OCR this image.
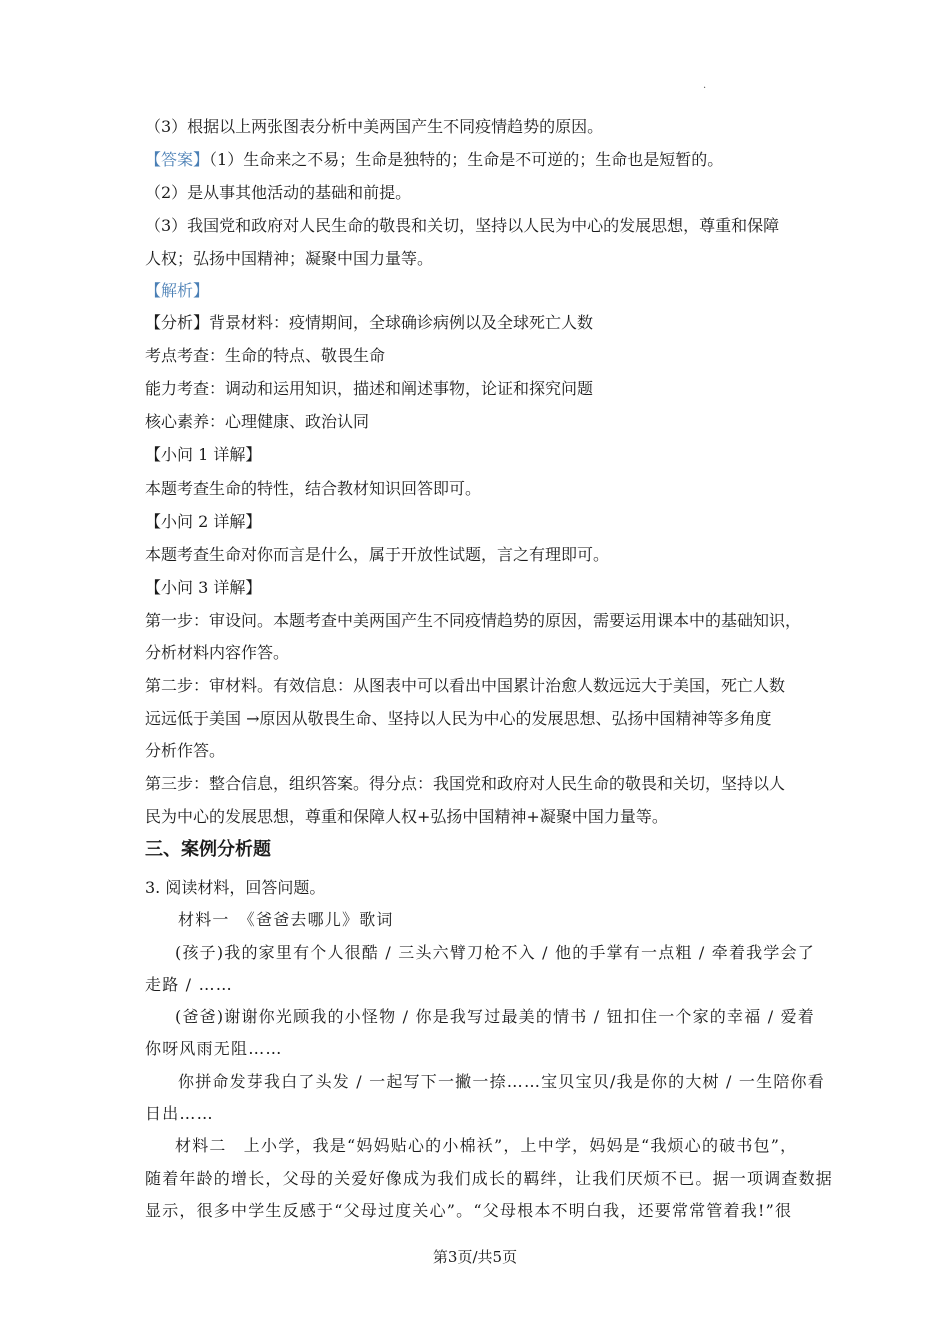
.
（3）根据以上两张图表分析中美两国产生不同疫情趋势的原因。
【答案】（1）生命来之不易；生命是独特的；生命是不可逆的；生命也是短暂的。
（2）是从事其他活动的基础和前提。
（3）我国党和政府对人民生命的敬畏和关切，坚持以人民为中心的发展思想，尊重和保障
人权；弘扬中国精神；凝聚中国力量等。
【解析】
【分析】背景材料：疫情期间，全球确诊病例以及全球死亡人数
考点考查：生命的特点、敬畏生命
能力考查：调动和运用知识，描述和阐述事物，论证和探究问题
核心素养：心理健康、政治认同
【小问 1 详解】
本题考查生命的特性，结合教材知识回答即可。
【小问 2 详解】
本题考查生命对你而言是什么，属于开放性试题，言之有理即可。
【小问 3 详解】
第一步：审设问。本题考查中美两国产生不同疫情趋势的原因，需要运用课本中的基础知识，
分析材料内容作答。
第二步：审材料。有效信息：从图表中可以看出中国累计治愈人数远远大于美国，死亡人数
远远低于美国 →原因从敬畏生命、坚持以人民为中心的发展思想、弘扬中国精神等多角度
分析作答。
第三步：整合信息，组织答案。得分点：我国党和政府对人民生命的敬畏和关切，坚持以人
民为中心的发展思想，尊重和保障人权+弘扬中国精神+凝聚中国力量等。
三、案例分析题
3. 阅读材料，回答问题。
材料一　《爸爸去哪儿》歌词
(孩子)我的家里有个人很酷 / 三头六臂刀枪不入 / 他的手掌有一点粗 / 牵着我学会了
走路 / ……
(爸爸)谢谢你光顾我的小怪物 / 你是我写过最美的情书 / 钮扣住一个家的幸福 / 爱着
你呀风雨无阻……
你拼命发芽我白了头发 / 一起写下一撇一捺……宝贝宝贝/我是你的大树 / 一生陪你看
日出……
材料二　上小学，我是“妈妈贴心的小棉袄”，上中学，妈妈是“我烦心的破书包”，
随着年龄的增长，父母的关爱好像成为我们成长的羁绊，让我们厌烦不已。据一项调查数据
显示，很多中学生反感于“父母过度关心”。“父母根本不明白我，还要常常管着我!”很
第3页/共5页
